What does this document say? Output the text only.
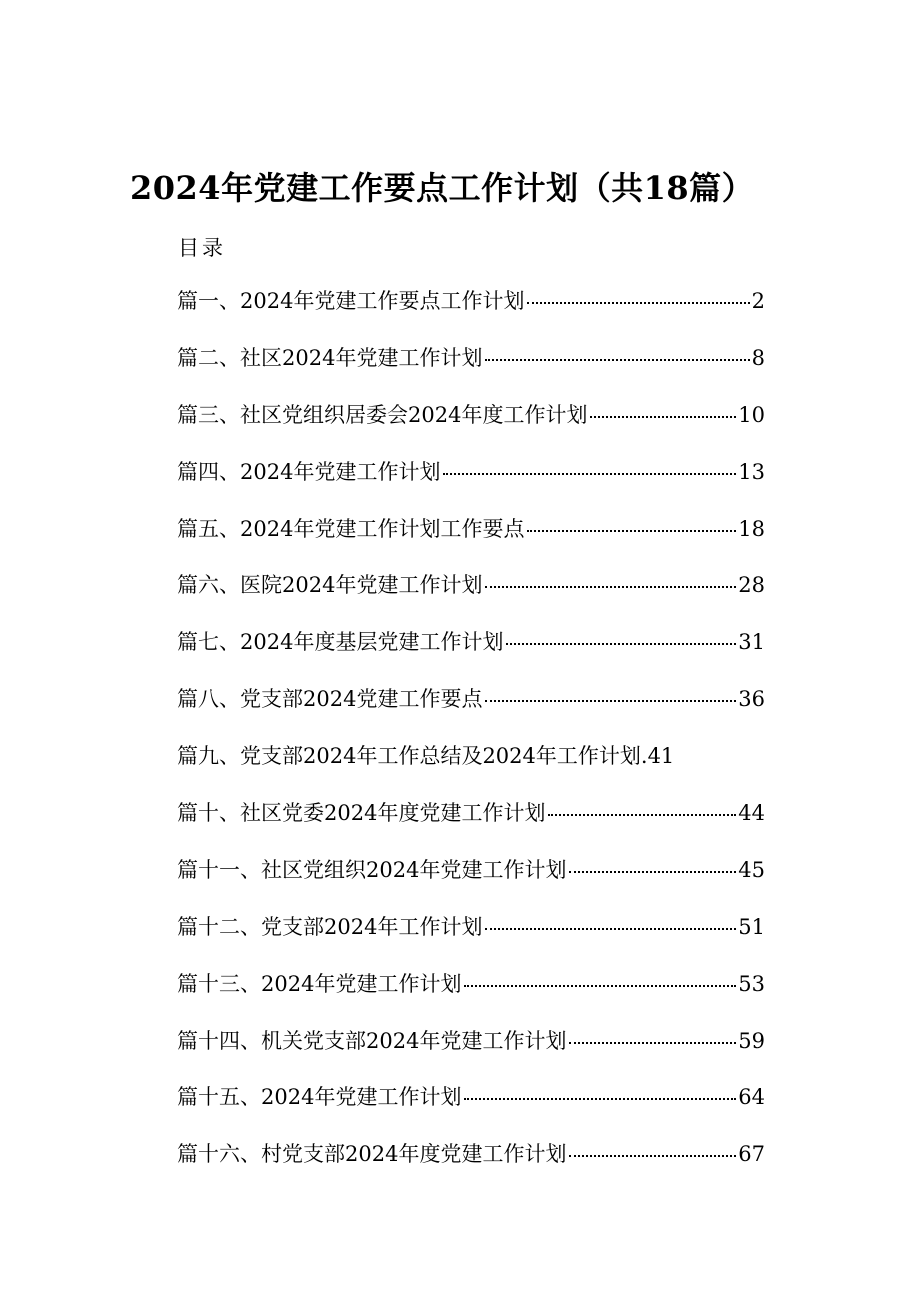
2024年党建工作要点工作计划（共18篇）
目录
篇一、2024年党建工作要点工作计划	2
篇二、社区2024年党建工作计划	8
篇三、社区党组织居委会2024年度工作计划	10
篇四、2024年党建工作计划	13
篇五、2024年党建工作计划工作要点	18
篇六、医院2024年党建工作计划	28
篇七、2024年度基层党建工作计划	31
篇八、党支部2024党建工作要点	36
篇九、党支部2024年工作总结及2024年工作计划. 41
篇十、社区党委2024年度党建工作计划	44
篇十一、社区党组织2024年党建工作计划	45
篇十二、党支部2024年工作计划	51
篇十三、2024年党建工作计划	53
篇十四、机关党支部2024年党建工作计划	59
篇十五、2024年党建工作计划	64
篇十六、村党支部2024年度党建工作计划	67
